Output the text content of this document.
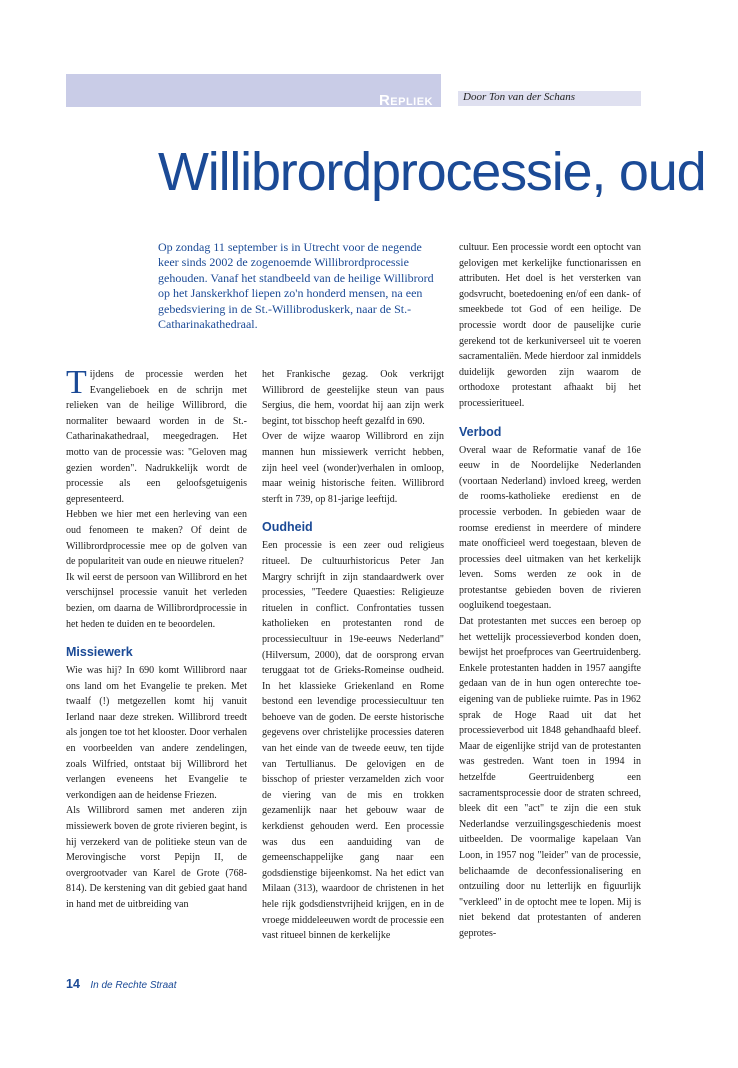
Repliek	Door Ton van der Schans
Willibrordprocessie, oud

Op zondag 11 september is in Utrecht voor de negende keer sinds 2002 de zogenoemde Willibrordprocessie gehouden. Vanaf het standbeeld van de heilige Willibrord op het Janskerkhof liepen zo'n honderd mensen, na een gebedsviering in de St.-Willibroduskerk, naar de St.-Catharinakathedraal.

Tijdens de processie werden het Evangelieboek en de schrijn met relieken van de heilige Willibrord, die normaliter bewaard worden in de St.-Catharinakathedraal, meegedragen. Het motto van de processie was: "Geloven mag gezien worden". Nadrukkelijk wordt de processie als een geloofsgetuigenis gepresenteerd.

Hebben we hier met een herleving van een oud fenomeen te maken? Of deint de Willibrordprocessie mee op de golven van de populariteit van oude en nieuwe rituelen?

Ik wil eerst de persoon van Willibrord en het verschijnsel processie vanuit het verleden bezien, om daarna de Willibrordprocessie in het heden te duiden en te beoordelen.

Missiewerk

Wie was hij? In 690 komt Willibrord naar ons land om het Evangelie te preken. Met twaalf (!) metgezellen komt hij vanuit Ierland naar deze streken. Willibrord treedt als jongen toe tot het klooster. Door verhalen en voorbeelden van andere zendelingen, zoals Wilfried, ontstaat bij Willibrord het verlangen eveneens het Evangelie te verkondigen aan de heidense Friezen.

Als Willibrord samen met anderen zijn missiewerk boven de grote rivieren begint, is hij verzekerd van de politieke steun van de Merovingische vorst Pepijn II, de overgrootvader van Karel de Grote (768-814). De kerstening van dit gebied gaat hand in hand met de uitbreiding van

het Frankische gezag. Ook verkrijgt Willibrord de geestelijke steun van paus Sergius, die hem, voordat hij aan zijn werk begint, tot bisschop heeft gezalfd in 690.

Over de wijze waarop Willibrord en zijn mannen hun missiewerk verricht hebben, zijn heel veel (wonder)verhalen in omloop, maar weinig historische feiten. Willibrord sterft in 739, op 81-jarige leeftijd.

Oudheid

Een processie is een zeer oud religieus ritueel. De cultuurhistoricus Peter Jan Margry schrijft in zijn standaardwerk over processies, "Teedere Quaesties: Religieuze rituelen in conflict. Confrontaties tussen katholieken en protestanten rond de processiecultuur in 19e-eeuws Nederland" (Hilversum, 2000), dat de oorsprong ervan teruggaat tot de Grieks-Romeinse oudheid. In het klassieke Griekenland en Rome bestond een levendige processiecultuur ten behoeve van de goden. De eerste historische gegevens over christelijke processies dateren van het einde van de tweede eeuw, ten tijde van Tertullianus. De gelovigen en de bisschop of priester verzamelden zich voor de viering van de mis en trokken gezamenlijk naar het gebouw waar de kerkdienst gehouden werd. Een processie was dus een aanduiding van de gemeenschappelijke gang naar een godsdienstige bijeenkomst. Na het edict van Milaan (313), waardoor de christenen in het hele rijk godsdienstvrijheid krijgen, en in de vroege middeleeuwen wordt de processie een vast ritueel binnen de kerkelijke

cultuur. Een processie wordt een optocht van gelovigen met kerkelijke functionarissen en attributen. Het doel is het versterken van godsvrucht, boetedoening en/of een dank- of smeekbede tot God of een heilige. De processie wordt door de pauselijke curie gerekend tot de kerkuniverseel uit te voeren sacramentaliën. Mede hierdoor zal inmiddels duidelijk geworden zijn waarom de orthodoxe protestant afhaakt bij het processieritueel.

Verbod

Overal waar de Reformatie vanaf de 16e eeuw in de Noordelijke Nederlanden (voortaan Nederland) invloed kreeg, werden de rooms-katholieke eredienst en de processie verboden. In gebieden waar de roomse eredienst in meerdere of mindere mate onofficieel werd toegestaan, bleven de processies deel uitmaken van het kerkelijk leven. Soms werden ze ook in de protestantse gebieden boven de rivieren oogluikend toegestaan.

Dat protestanten met succes een beroep op het wettelijk processieverbod konden doen, bewijst het proefproces van Geertruidenberg. Enkele protestanten hadden in 1957 aangifte gedaan van de in hun ogen onterechte toe-eigening van de publieke ruimte. Pas in 1962 sprak de Hoge Raad uit dat het processieverbod uit 1848 gehandhaafd bleef. Maar de eigenlijke strijd van de protestanten was gestreden. Want toen in 1994 in hetzelfde Geertruidenberg een sacramentsprocessie door de straten schreed, bleek dit een "act" te zijn die een stuk Nederlandse verzuilingsgeschiedenis moest uitbeelden. De voormalige kapelaan Van Loon, in 1957 nog "leider" van de processie, belichaamde de deconfessionalisering en ontzuiling door nu letterlijk en figuurlijk "verkleed" in de optocht mee te lopen. Mij is niet bekend dat protestanten of anderen geprotes-

14 In de Rechte Straat
